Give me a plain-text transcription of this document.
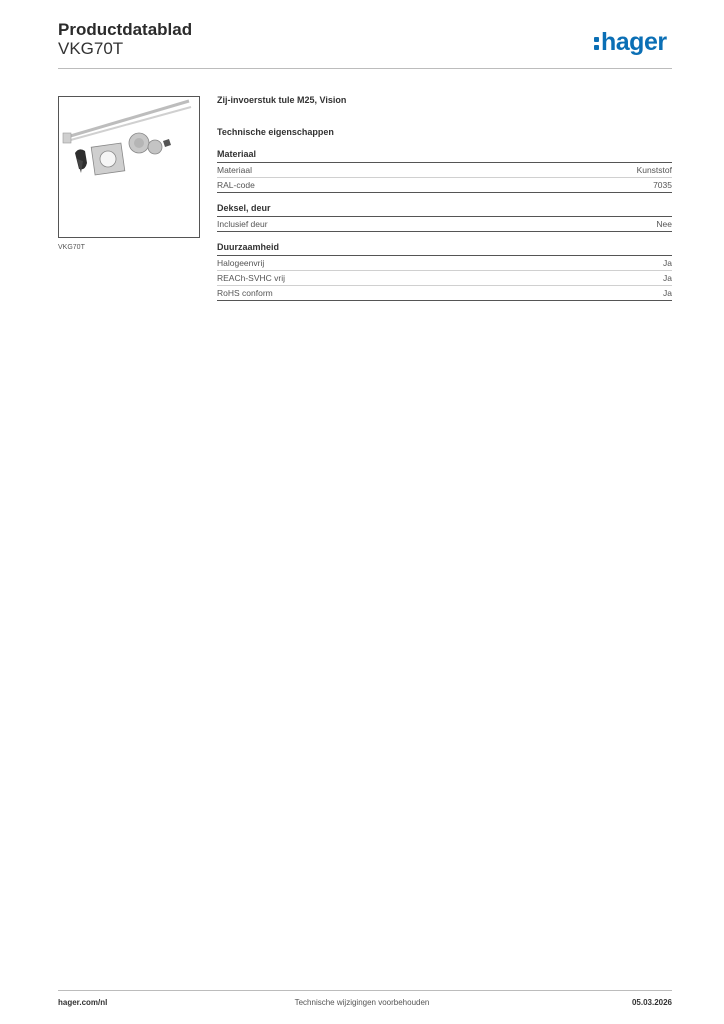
Productdatablad
VKG70T	hager
VKG70T
Zij-invoerstuk tule M25, Vision
Technische eigenschappen
Materiaal
Materiaal	Kunststof
RAL-code	7035
Deksel, deur
Inclusief deur	Nee
Duurzaamheid
Halogeenvrij	Ja
REACh-SVHC vrij	Ja
RoHS conform	Ja
hager.com/nl	Technische wijzigingen voorbehouden	05.03.2026
